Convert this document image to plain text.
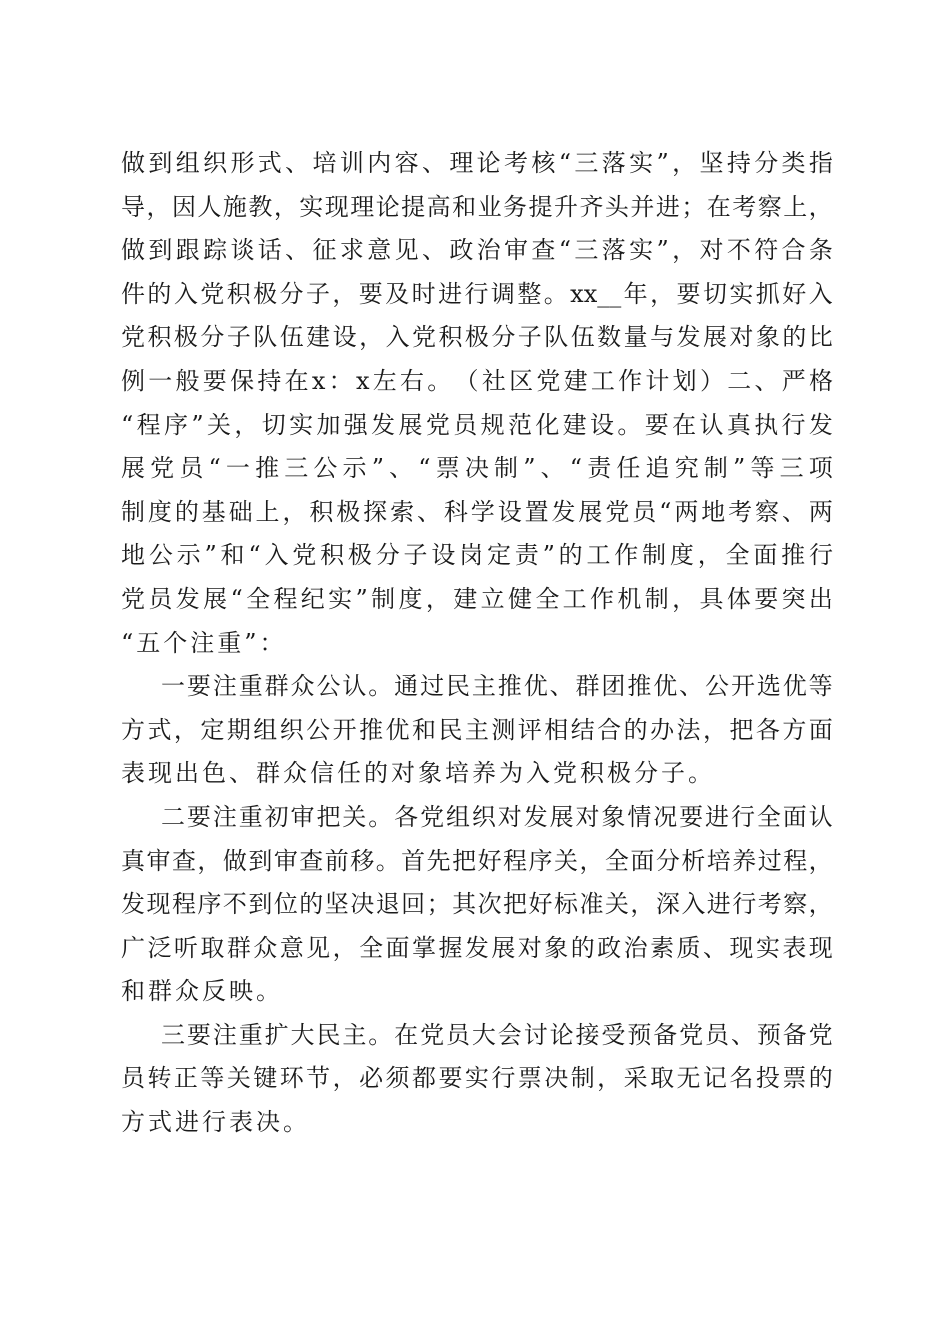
做 到 组 织 形 式 、 培 训 内 容 、 理 论 考 核 “ 三 落 实 ” ， 坚 持 分 类 指
导 ， 因 人 施 教 ， 实 现 理 论 提 高 和 业 务 提 升 齐 头 并 进 ； 在 考 察 上 ，
做 到 跟 踪 谈 话 、 征 求 意 见 、 政 治 审 查 “ 三 落 实 ” ， 对 不 符 合 条
件 的 入 党 积 极 分 子 ， 要 及 时 进 行 调 整 。 xx__ 年 ， 要 切 实 抓 好 入
党 积 极 分 子 队 伍 建 设 ， 入 党 积 极 分 子 队 伍 数 量 与 发 展 对 象 的 比
例 一 般 要 保 持 在 x ： x 左 右 。 （ 社 区 党 建 工 作 计 划 ） 二 、 严 格
“ 程 序 ” 关 ， 切 实 加 强 发 展 党 员 规 范 化 建 设 。 要 在 认 真 执 行 发
展 党 员 “ 一 推 三 公 示 ” 、 “ 票 决 制 ” 、 “ 责 任 追 究 制 ” 等 三 项
制 度 的 基 础 上 ， 积 极 探 索 、 科 学 设 置 发 展 党 员 “ 两 地 考 察 、 两
地 公 示 ” 和 “ 入 党 积 极 分 子 设 岗 定 责 ” 的 工 作 制 度 ， 全 面 推 行
党 员 发 展 “ 全 程 纪 实 ” 制 度 ， 建 立 健 全 工 作 机 制 ， 具 体 要 突 出
“五个注重”：
一 要 注 重 群 众 公 认 。 通 过 民 主 推 优 、 群 团 推 优 、 公 开 选 优 等
方 式 ， 定 期 组 织 公 开 推 优 和 民 主 测 评 相 结 合 的 办 法 ， 把 各 方 面
表现出色、群众信任的对象培养为入党积极分子。
二 要 注 重 初 审 把 关 。 各 党 组 织 对 发 展 对 象 情 况 要 进 行 全 面 认
真 审 查 ， 做 到 审 查 前 移 。 首 先 把 好 程 序 关 ， 全 面 分 析 培 养 过 程 ，
发 现 程 序 不 到 位 的 坚 决 退 回 ； 其 次 把 好 标 准 关 ， 深 入 进 行 考 察 ，
广 泛 听 取 群 众 意 见 ， 全 面 掌 握 发 展 对 象 的 政 治 素 质 、 现 实 表 现
和群众反映。
三 要 注 重 扩 大 民 主 。 在 党 员 大 会 讨 论 接 受 预 备 党 员 、 预 备 党
员 转 正 等 关 键 环 节 ， 必 须 都 要 实 行 票 决 制 ， 采 取 无 记 名 投 票 的
方式进行表决。
